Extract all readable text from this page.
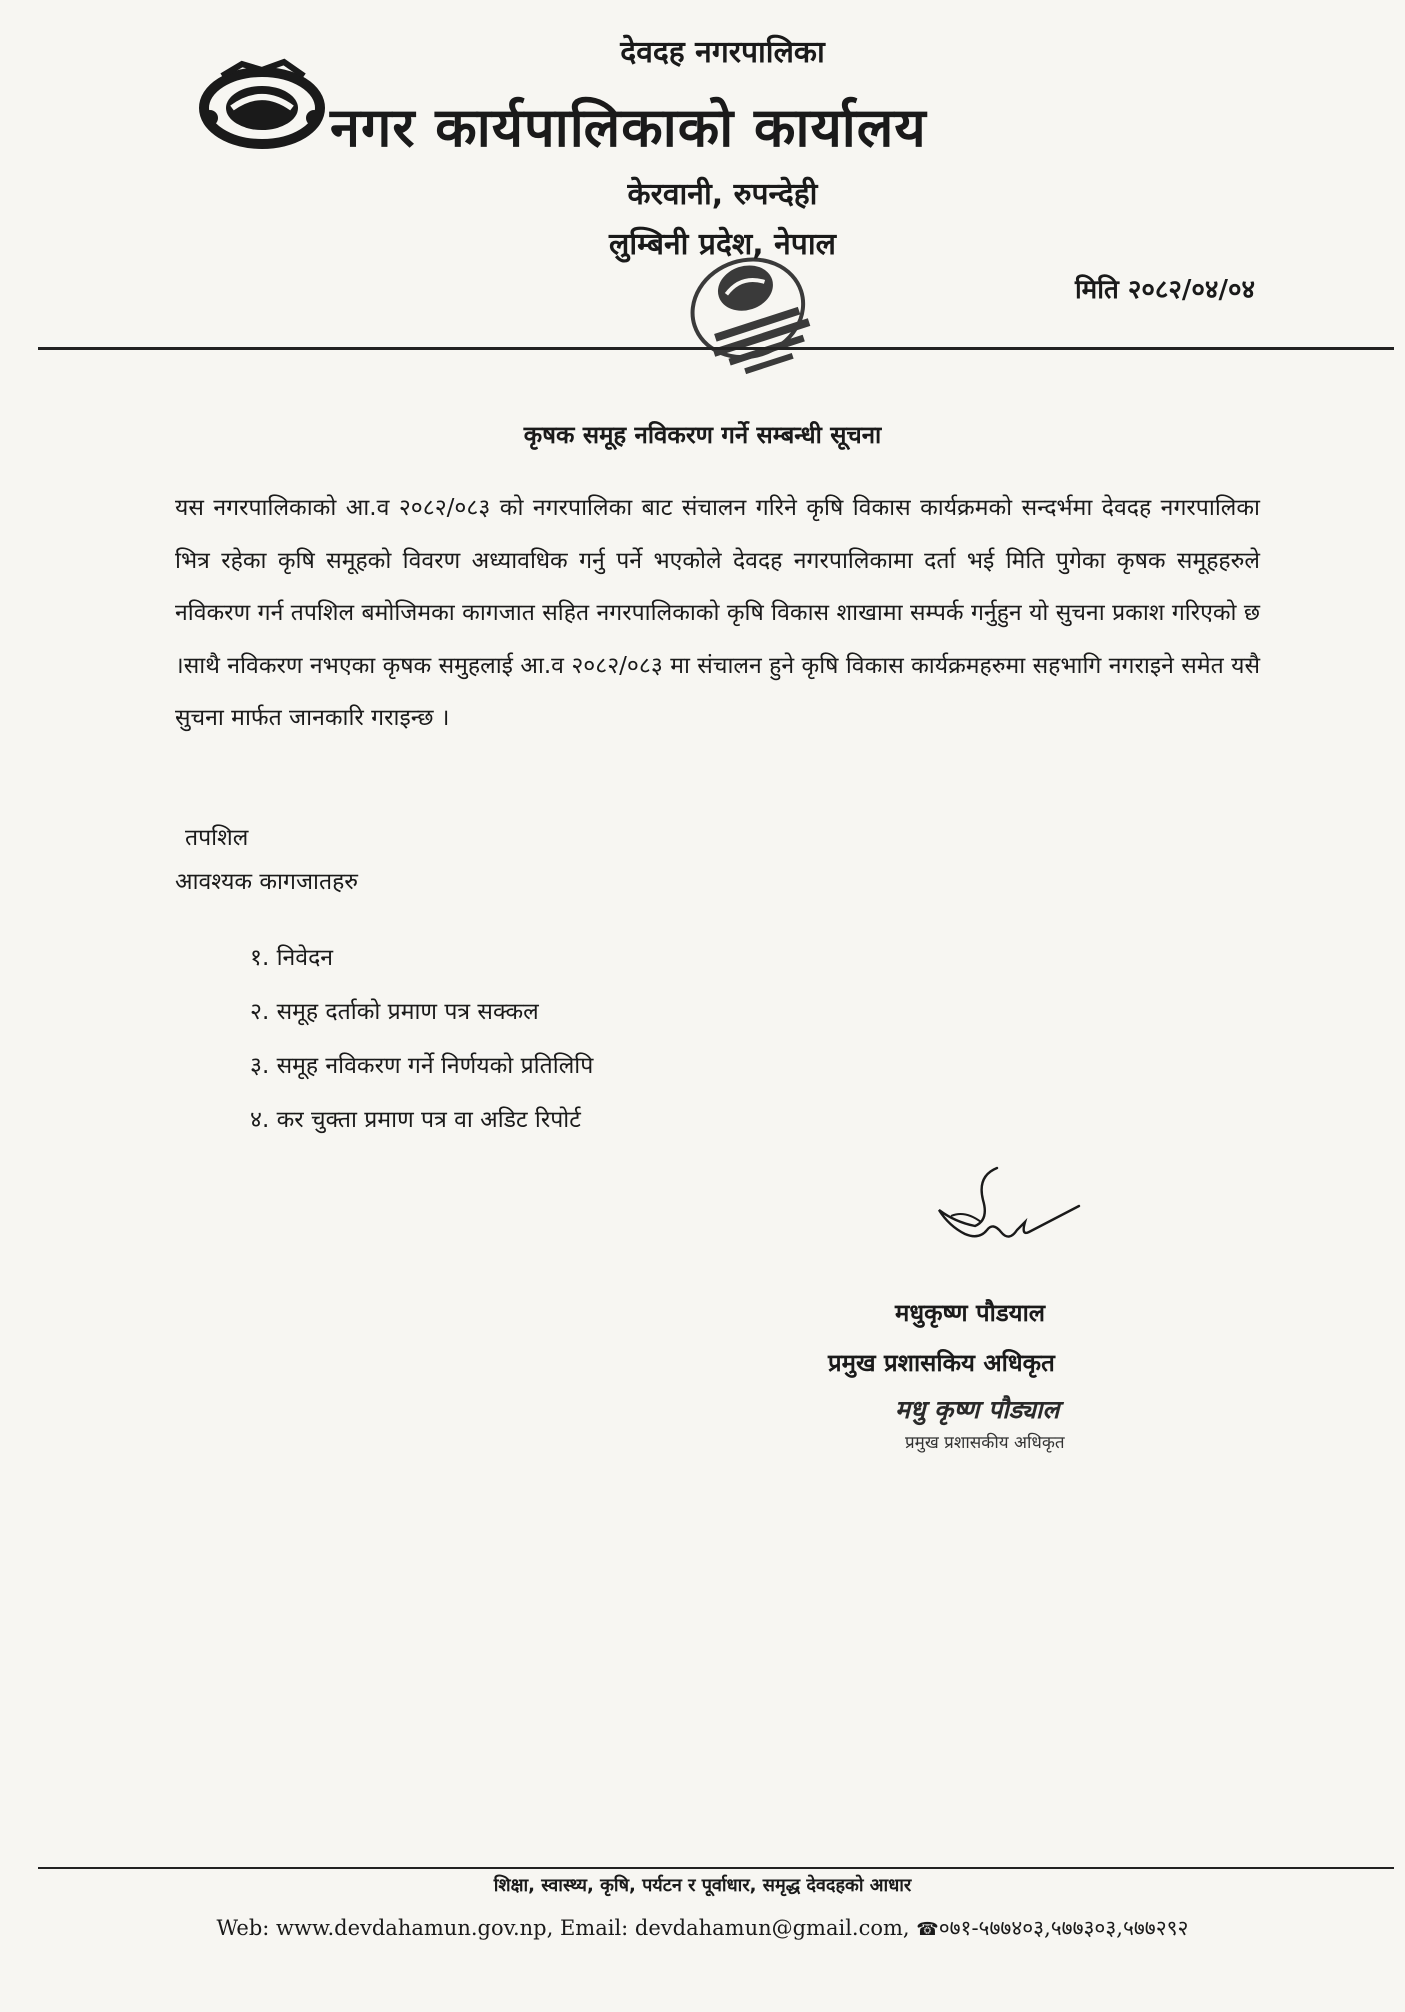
देवदह नगरपालिका
नगर कार्यपालिकाको कार्यालय
केरवानी, रुपन्देही
लुम्बिनी प्रदेश, नेपाल
मिति २०८२/०४/०४
कृषक समूह नविकरण गर्ने सम्बन्धी सूचना
यस नगरपालिकाको आ.व २०८२/०८३ को नगरपालिका बाट संचालन गरिने कृषि विकास कार्यक्रमको सन्दर्भमा देवदह नगरपालिका भित्र रहेका कृषि समूहको विवरण अध्यावधिक गर्नु पर्ने भएकोले देवदह नगरपालिकामा दर्ता भई मिति पुगेका कृषक समूहहरुले नविकरण गर्न तपशिल बमोजिमका कागजात सहित नगरपालिकाको कृषि विकास शाखामा सम्पर्क गर्नुहुन यो सुचना प्रकाश गरिएको छ ।साथै नविकरण नभएका कृषक समुहलाई आ.व २०८२/०८३ मा संचालन हुने कृषि विकास कार्यक्रमहरुमा सहभागि नगराइने समेत यसै सुचना मार्फत जानकारि गराइन्छ ।
तपशिल
आवश्यक कागजातहरु
१. निवेदन
२. समूह दर्ताको प्रमाण पत्र सक्कल
३. समूह नविकरण गर्ने निर्णयको प्रतिलिपि
४. कर चुक्ता प्रमाण पत्र वा अडिट रिपोर्ट
मधुकृष्ण पौडयाल
प्रमुख प्रशासकिय अधिकृत
मधु कृष्ण पौड्याल
प्रमुख प्रशासकीय अधिकृत
शिक्षा, स्वास्थ्य, कृषि, पर्यटन र पूर्वाधार, समृद्ध देवदहको आधार
Web: www.devdahamun.gov.np, Email: devdahamun@gmail.com, ☎०७१-५७७४०३,५७७३०३,५७७२९२
